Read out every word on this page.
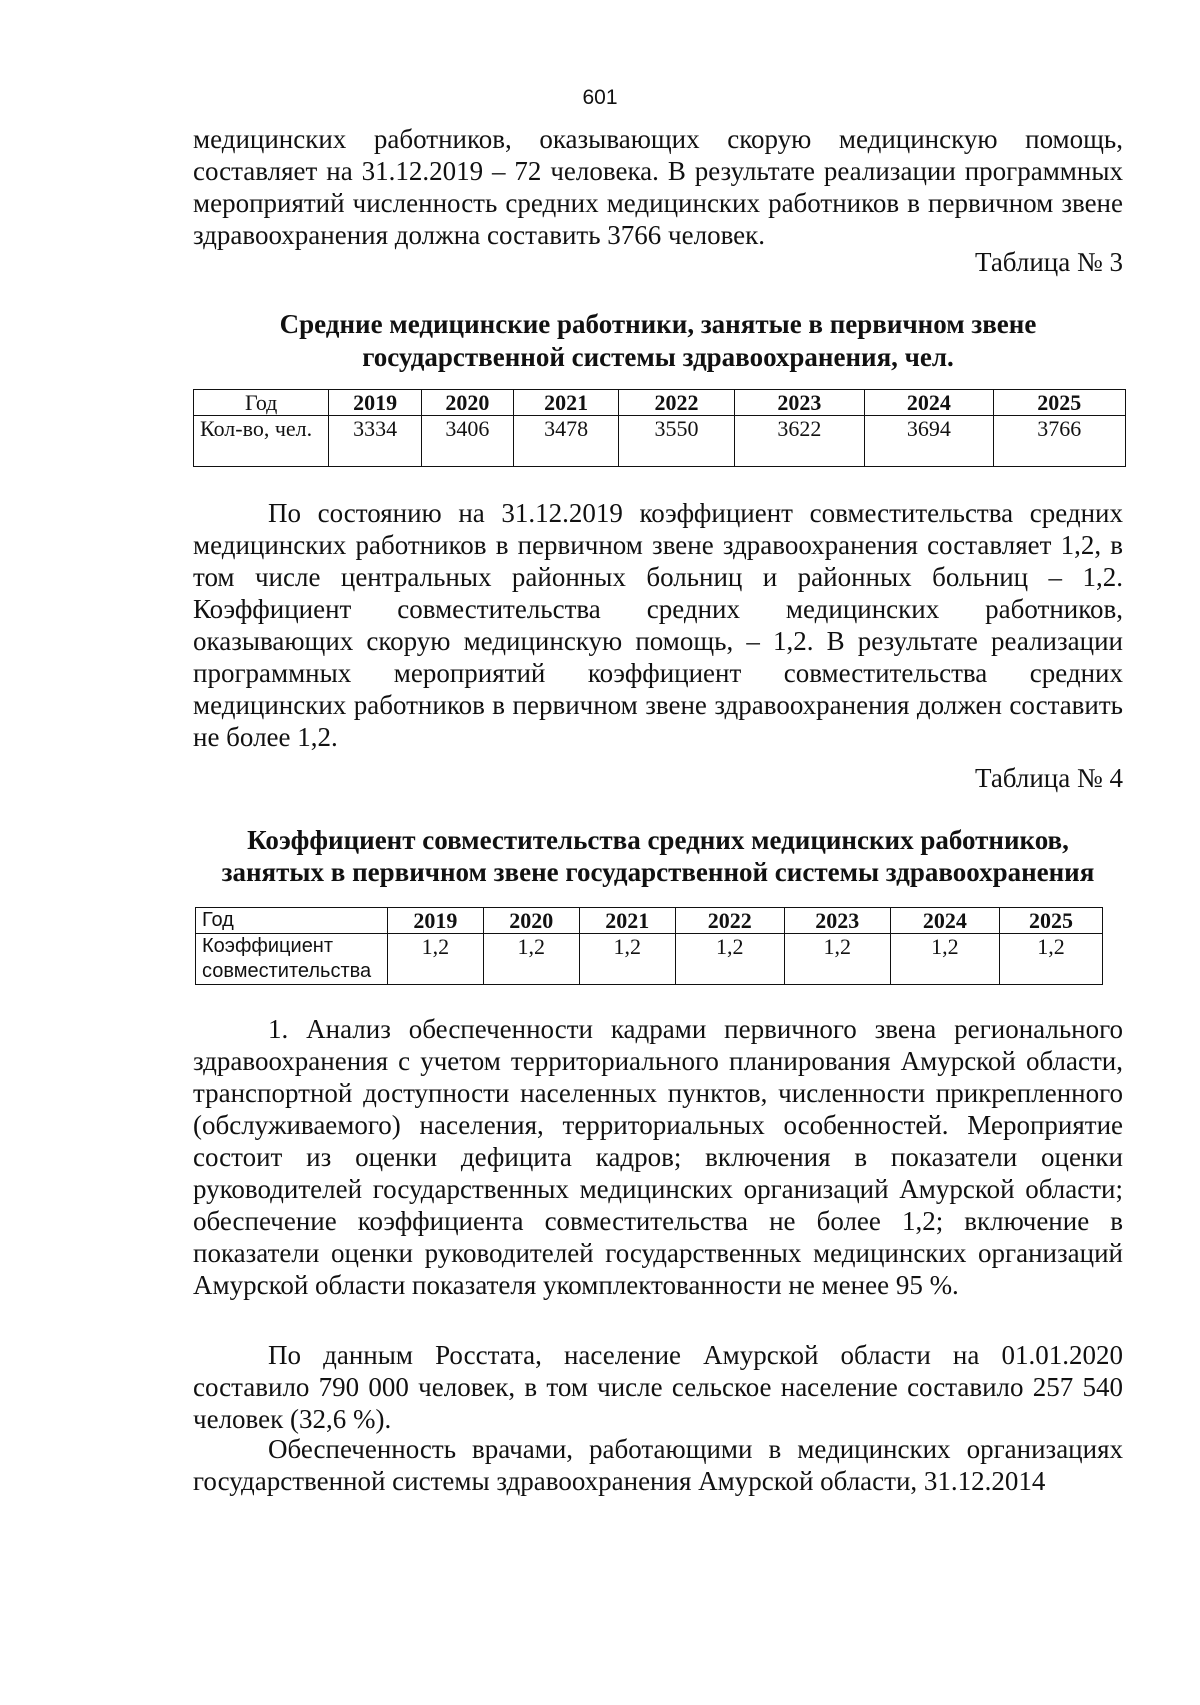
601

медицинских работников, оказывающих скорую медицинскую помощь, составляет на 31.12.2019 – 72 человека. В результате реализации программных мероприятий численность средних медицинских работников в первичном звене здравоохранения должна составить 3766 человек.

Таблица № 3
Средние медицинские работники, занятые в первичном звене
государственной системы здравоохранения, чел.
Год	2019	2020	2021	2022	2023	2024	2025
Кол-во, чел.	3334	3406	3478	3550	3622	3694	3766

По состоянию на 31.12.2019 коэффициент совместительства средних медицинских работников в первичном звене здравоохранения составляет 1,2, в том числе центральных районных больниц и районных больниц – 1,2. Коэффициент совместительства средних медицинских работников, оказывающих скорую медицинскую помощь, – 1,2. В результате реализации программных мероприятий коэффициент совместительства средних медицинских работников в первичном звене здравоохранения должен составить не более 1,2.

Таблица № 4
Коэффициент совместительства средних медицинских работников,
занятых в первичном звене государственной системы здравоохранения
Год	2019	2020	2021	2022	2023	2024	2025
Коэффициент совместительства	1,2	1,2	1,2	1,2	1,2	1,2	1,2

1. Анализ обеспеченности кадрами первичного звена регионального здравоохранения с учетом территориального планирования Амурской области, транспортной доступности населенных пунктов, численности прикрепленного (обслуживаемого) населения, территориальных особенностей. Мероприятие состоит из оценки дефицита кадров; включения в показатели оценки руководителей государственных медицинских организаций Амурской области; обеспечение коэффициента совместительства не более 1,2; включение в показатели оценки руководителей государственных медицинских организаций Амурской области показателя укомплектованности не менее 95 %.

По данным Росстата, население Амурской области на 01.01.2020 составило 790 000 человек, в том числе сельское население составило 257 540 человек (32,6 %).

Обеспеченность врачами, работающими в медицинских организациях государственной системы здравоохранения Амурской области, 31.12.2014
